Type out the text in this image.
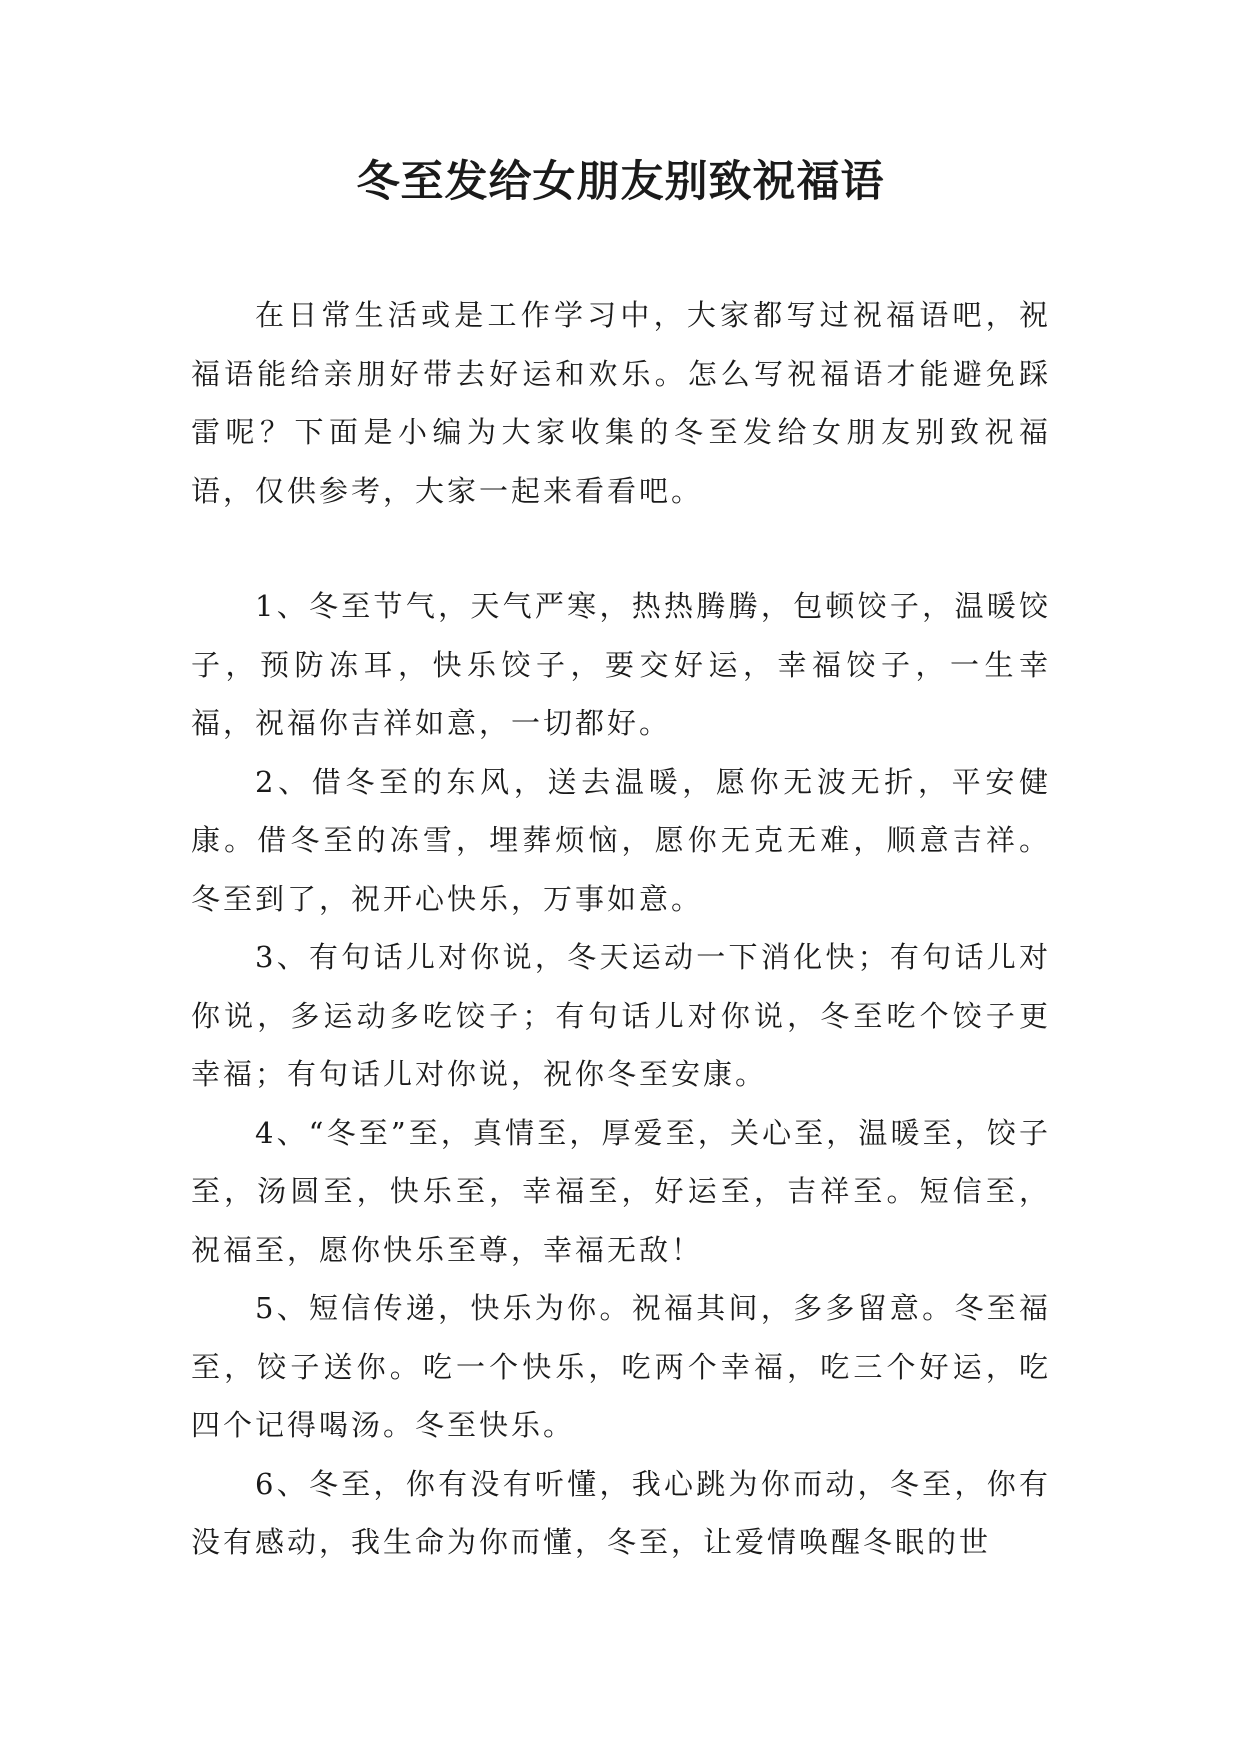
冬至发给女朋友别致祝福语

在日常生活或是工作学习中，大家都写过祝福语吧，祝福语能给亲朋好带去好运和欢乐。怎么写祝福语才能避免踩雷呢？下面是小编为大家收集的冬至发给女朋友别致祝福语，仅供参考，大家一起来看看吧。

1、冬至节气，天气严寒，热热腾腾，包顿饺子，温暖饺子，预防冻耳，快乐饺子，要交好运，幸福饺子，一生幸福，祝福你吉祥如意，一切都好。

2、借冬至的东风，送去温暖，愿你无波无折，平安健康。借冬至的冻雪，埋葬烦恼，愿你无克无难，顺意吉祥。冬至到了，祝开心快乐，万事如意。

3、有句话儿对你说，冬天运动一下消化快；有句话儿对你说，多运动多吃饺子；有句话儿对你说，冬至吃个饺子更幸福；有句话儿对你说，祝你冬至安康。

4、“冬至”至，真情至，厚爱至，关心至，温暖至，饺子至，汤圆至，快乐至，幸福至，好运至，吉祥至。短信至，祝福至，愿你快乐至尊，幸福无敌！

5、短信传递，快乐为你。祝福其间，多多留意。冬至福至，饺子送你。吃一个快乐，吃两个幸福，吃三个好运，吃四个记得喝汤。冬至快乐。

6、冬至，你有没有听懂，我心跳为你而动，冬至，你有没有感动，我生命为你而懂，冬至，让爱情唤醒冬眠的世
